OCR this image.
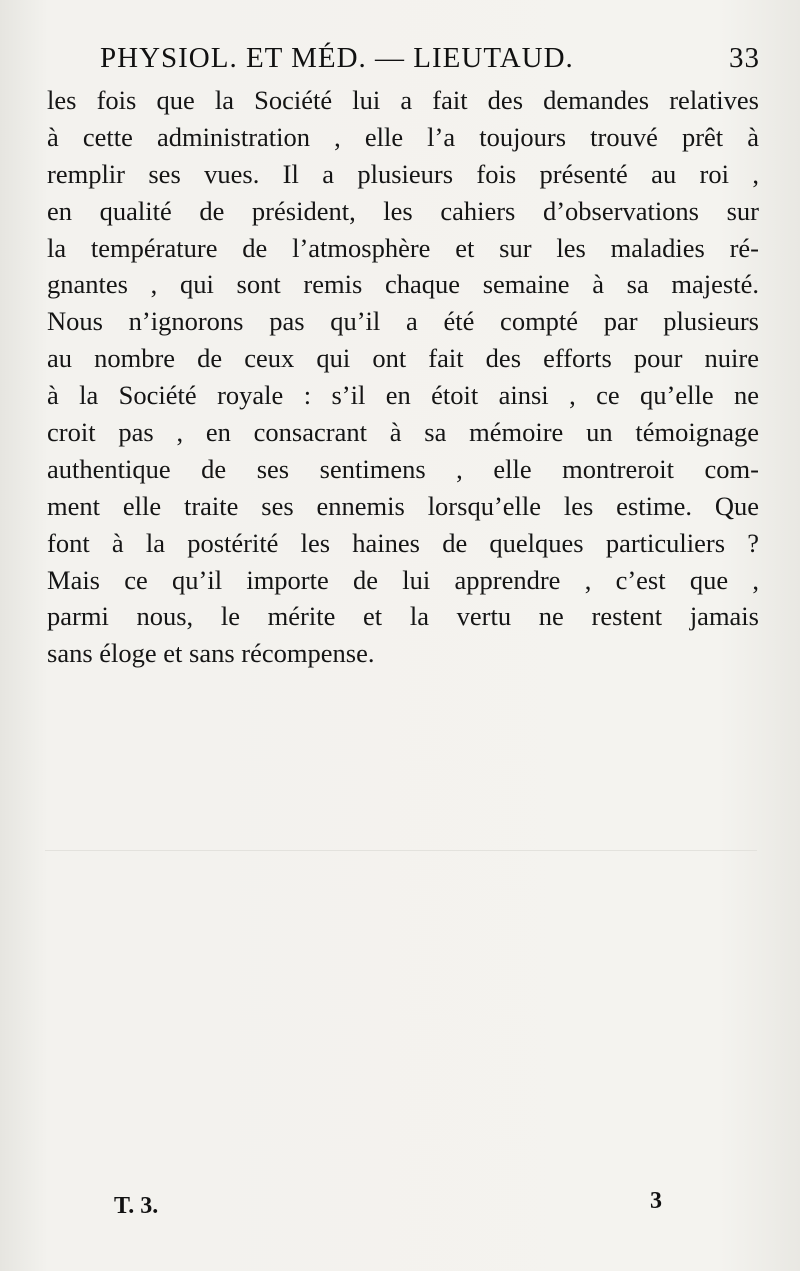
PHYSIOL. ET MÉD. — LIEUTAUD.	33
les fois que la Société lui a fait des demandes relatives
à cette administration , elle l’a toujours trouvé prêt à
remplir ses vues. Il a plusieurs fois présenté au roi ,
en qualité de président, les cahiers d’observations sur
la température de l’atmosphère et sur les maladies ré-
gnantes , qui sont remis chaque semaine à sa majesté.
Nous n’ignorons pas qu’il a été compté par plusieurs
au nombre de ceux qui ont fait des efforts pour nuire
à la Société royale : s’il en étoit ainsi , ce qu’elle ne
croit pas , en consacrant à sa mémoire un témoignage
authentique de ses sentimens , elle montreroit com-
ment elle traite ses ennemis lorsqu’elle les estime. Que
font à la postérité les haines de quelques particuliers ?
Mais ce qu’il importe de lui apprendre , c’est que ,
parmi nous, le mérite et la vertu ne restent jamais
sans éloge et sans récompense.
T. 3.	3
